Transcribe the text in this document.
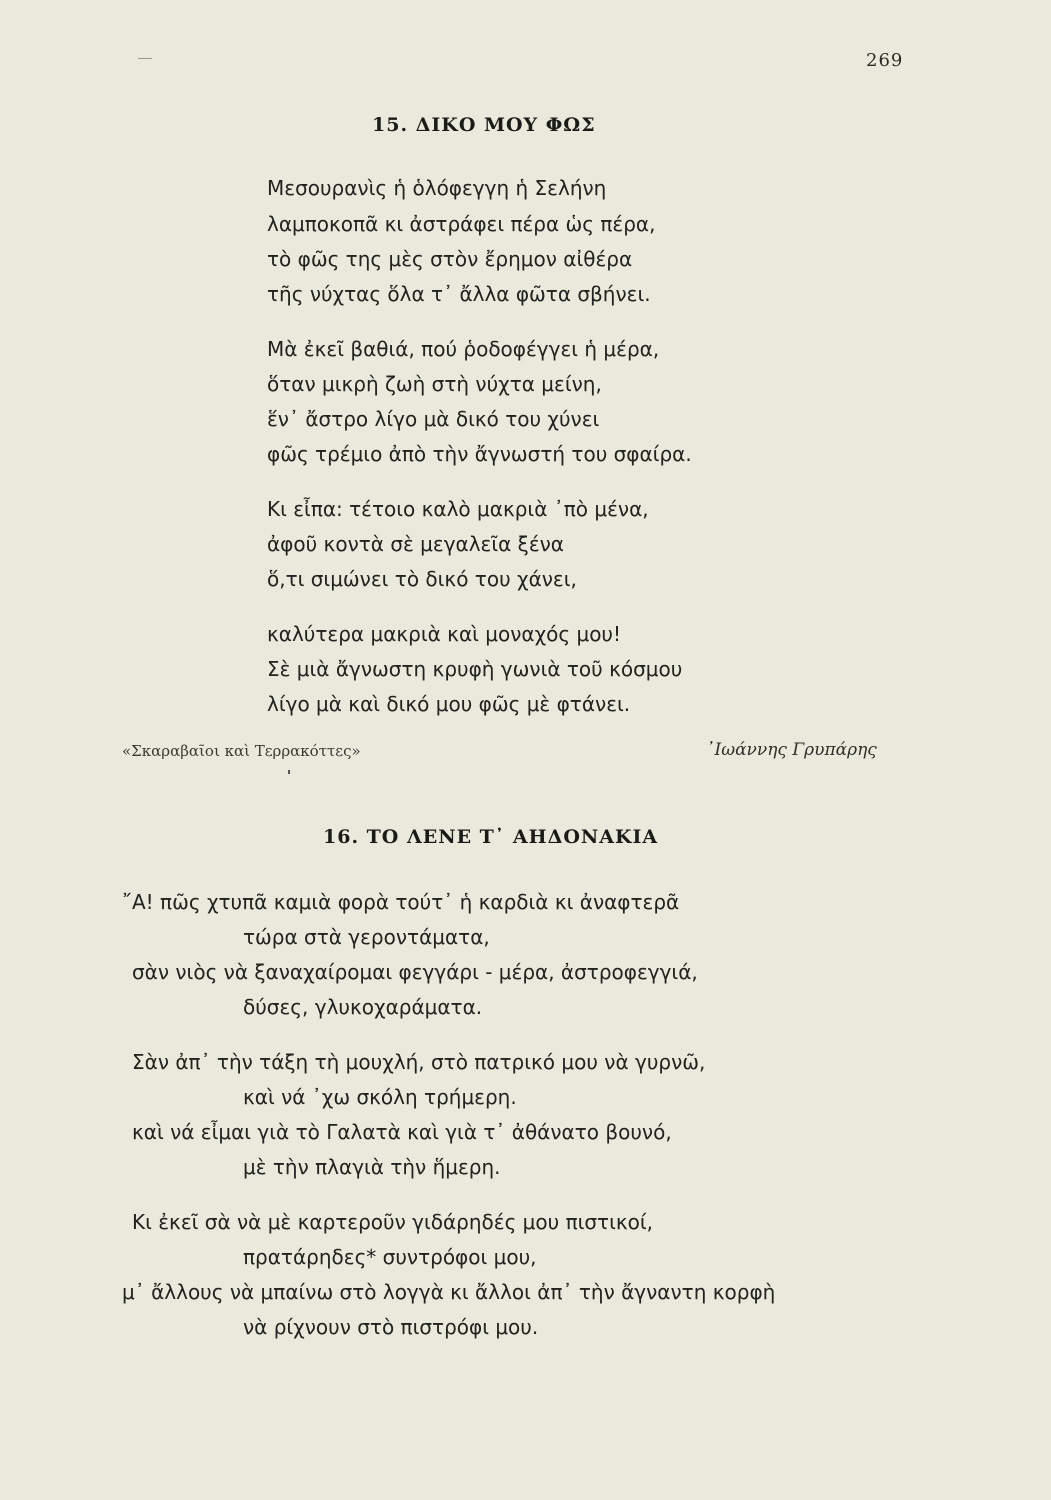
269
15. ΔΙΚΟ ΜΟΥ ΦΩΣ
Μεσουρανὶς ἡ ὁλόφεγγη ἡ Σελήνη
λαμποκοπᾶ κι ἀστράφει πέρα ὡς πέρα,
τὸ φῶς της μὲς στὸν ἔρημον αἰθέρα
τῆς νύχτας ὅλα τ᾽ ἄλλα φῶτα σβήνει.
Μὰ ἐκεῖ βαθιά, πού ῥοδοφέγγει ἡ μέρα,
ὅταν μικρὴ ζωὴ στὴ νύχτα μείνη,
ἕν᾽ ἄστρο λίγο μὰ δικό του χύνει
φῶς τρέμιο ἀπὸ τὴν ἄγνωστή του σφαίρα.
Κι εἶπα: τέτοιο καλὸ μακριὰ ᾽πὸ μένα,
ἀφοῦ κοντὰ σὲ μεγαλεῖα ξένα
ὅ,τι σιμώνει τὸ δικό του χάνει,
καλύτερα μακριὰ καὶ μοναχός μου!
Σὲ μιὰ ἄγνωστη κρυφὴ γωνιὰ τοῦ κόσμου
λίγο μὰ καὶ δικό μου φῶς μὲ φτάνει.
«Σκαραβαῖοι καὶ Τερρακόττες»	᾽Ιωάννης Γρυπάρης
16. ΤΟ ΛΕΝΕ Τ᾽ ΑΗΔΟΝΑΚΙΑ
῎Α! πῶς χτυπᾶ καμιὰ φορὰ τούτ᾽ ἡ καρδιὰ κι ἀναφτερᾶ
τώρα στὰ γεροντάματα,
σὰν νιὸς νὰ ξαναχαίρομαι φεγγάρι - μέρα, ἀστροφεγγιά,
δύσες, γλυκοχαράματα.
Σὰν ἀπ᾽ τὴν τάξη τὴ μουχλή, στὸ πατρικό μου νὰ γυρνῶ,
καὶ νά ᾽χω σκόλη τρήμερη.
καὶ νά εἶμαι γιὰ τὸ Γαλατὰ καὶ γιὰ τ᾽ ἀθάνατο βουνό,
μὲ τὴν πλαγιὰ τὴν ἥμερη.
Κι ἐκεῖ σὰ νὰ μὲ καρτεροῦν γιδάρηδές μου πιστικοί,
πρατάρηδες* συντρόφοι μου,
μ᾽ ἄλλους νὰ μπαίνω στὸ λογγὰ κι ἄλλοι ἀπ᾽ τὴν ἄγναντη κορφὴ
νὰ ρίχνουν στὸ πιστρόφι μου.
